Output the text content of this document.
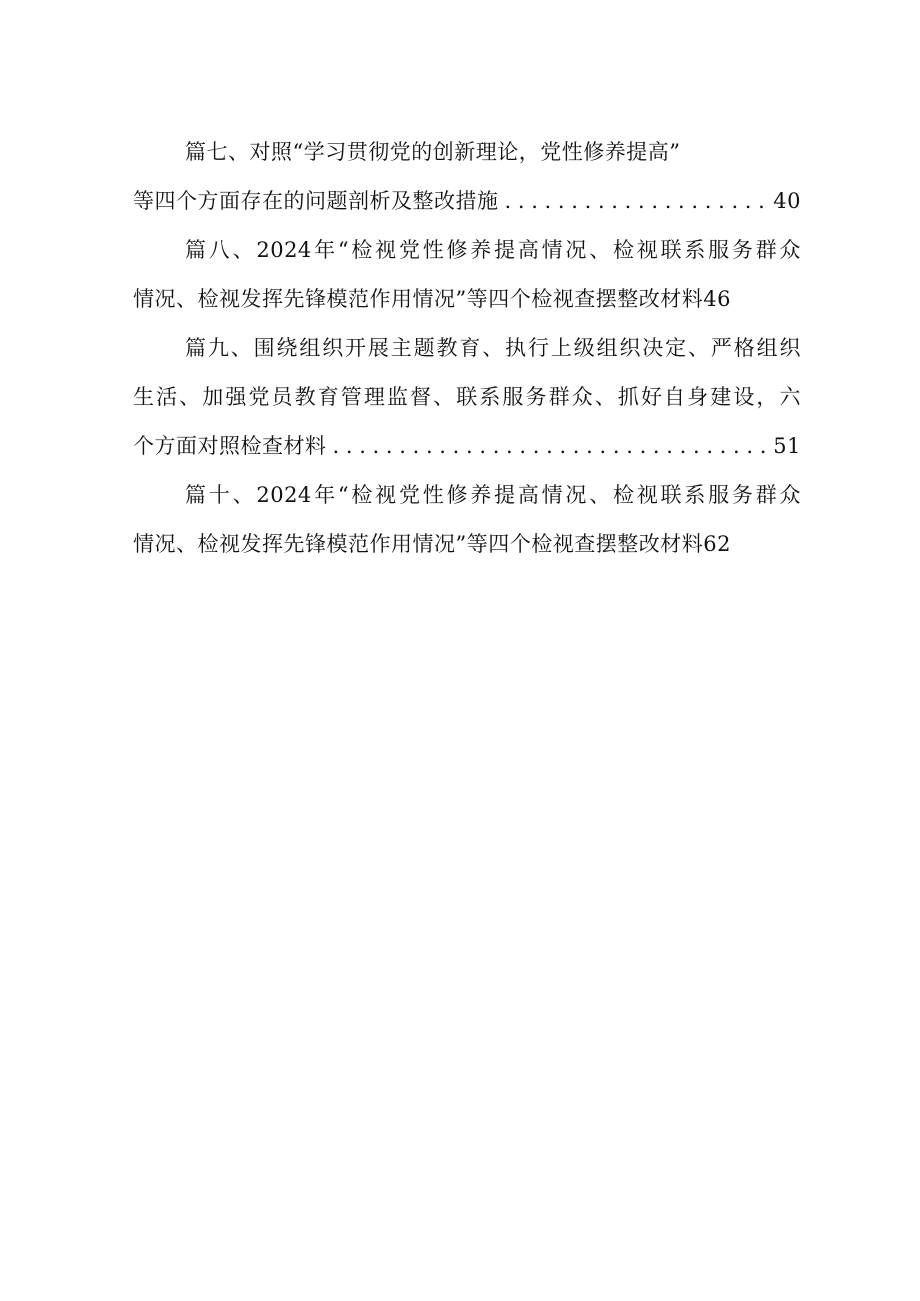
篇七、对照“学习贯彻党的创新理论，党性修养提高”
等四个方面存在的问题剖析及整改措施 . . .	40
篇八、2024年“检视党性修养提高情况、检视联系服务群众
情况、检视发挥先锋模范作用情况”等四个检视查摆整改材料 46
篇九、围绕组织开展主题教育、执行上级组织决定、严格组织
生活、加强党员教育管理监督、联系服务群众、抓好自身建设，六
个方面对照检查材料 . . .	51
篇十、2024年“检视党性修养提高情况、检视联系服务群众
情况、检视发挥先锋模范作用情况”等四个检视查摆整改材料 62
